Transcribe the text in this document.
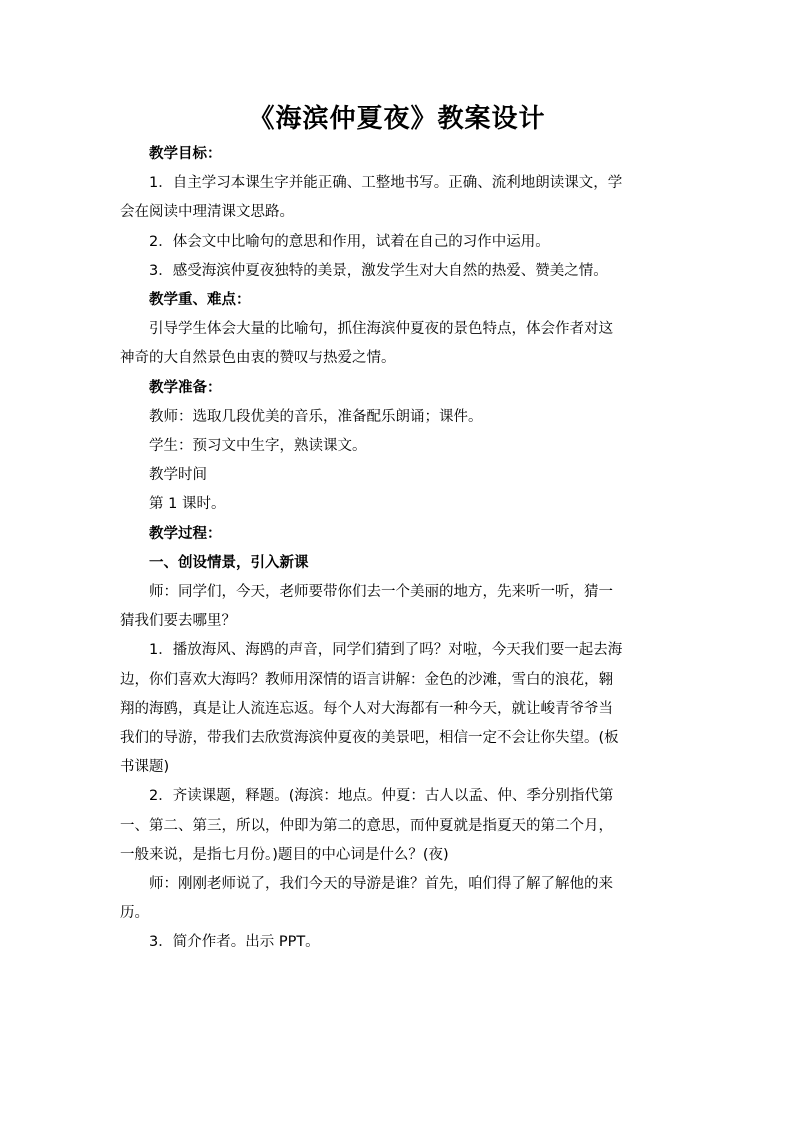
《海滨仲夏夜》教案设计

教学目标：

1．自主学习本课生字并能正确、工整地书写。正确、流利地朗读课文，学
会在阅读中理清课文思路。

2．体会文中比喻句的意思和作用，试着在自己的习作中运用。

3．感受海滨仲夏夜独特的美景，激发学生对大自然的热爱、赞美之情。

教学重、难点：

引导学生体会大量的比喻句，抓住海滨仲夏夜的景色特点，体会作者对这
神奇的大自然景色由衷的赞叹与热爱之情。

教学准备：

教师：选取几段优美的音乐，准备配乐朗诵；课件。

学生：预习文中生字，熟读课文。

教学时间

第 1 课时。

教学过程：

一、创设情景，引入新课

师：同学们，今天，老师要带你们去一个美丽的地方，先来听一听，猜一
猜我们要去哪里？

1．播放海风、海鸥的声音，同学们猜到了吗？对啦，今天我们要一起去海
边，你们喜欢大海吗？教师用深情的语言讲解：金色的沙滩，雪白的浪花，翱
翔的海鸥，真是让人流连忘返。每个人对大海都有一种今天，就让峻青爷爷当
我们的导游，带我们去欣赏海滨仲夏夜的美景吧，相信一定不会让你失望。(板
书课题)

2．齐读课题，释题。(海滨：地点。仲夏：古人以孟、仲、季分别指代第
一、第二、第三，所以，仲即为第二的意思，而仲夏就是指夏天的第二个月，
一般来说，是指七月份。)题目的中心词是什么？(夜)

师：刚刚老师说了，我们今天的导游是谁？首先，咱们得了解了解他的来
历。

3．简介作者。出示 PPT。
